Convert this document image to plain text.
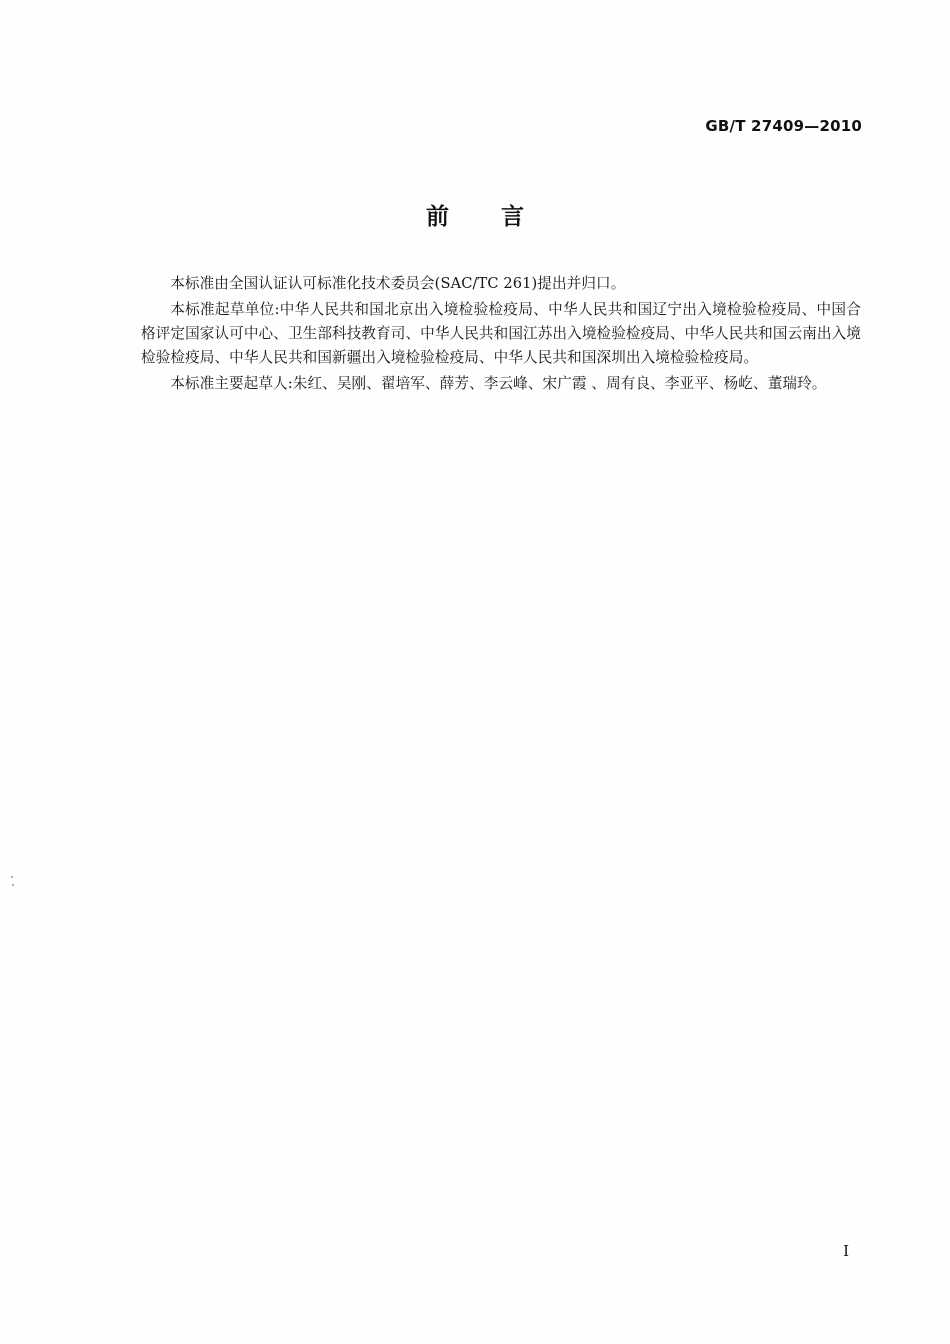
GB/T 27409—2010
前 言

本标准由全国认证认可标准化技术委员会(SAC/TC 261)提出并归口。

本标准起草单位:中华人民共和国北京出入境检验检疫局、中华人民共和国辽宁出入境检验检疫局、中国合格评定国家认可中心、卫生部科技教育司、中华人民共和国江苏出入境检验检疫局、中华人民共和国云南出入境检验检疫局、中华人民共和国新疆出入境检验检疫局、中华人民共和国深圳出入境检验检疫局。

本标准主要起草人:朱红、吴刚、翟培军、薛芳、李云峰、宋广霞 、周有良、李亚平、杨屹、董瑞玲。

I
